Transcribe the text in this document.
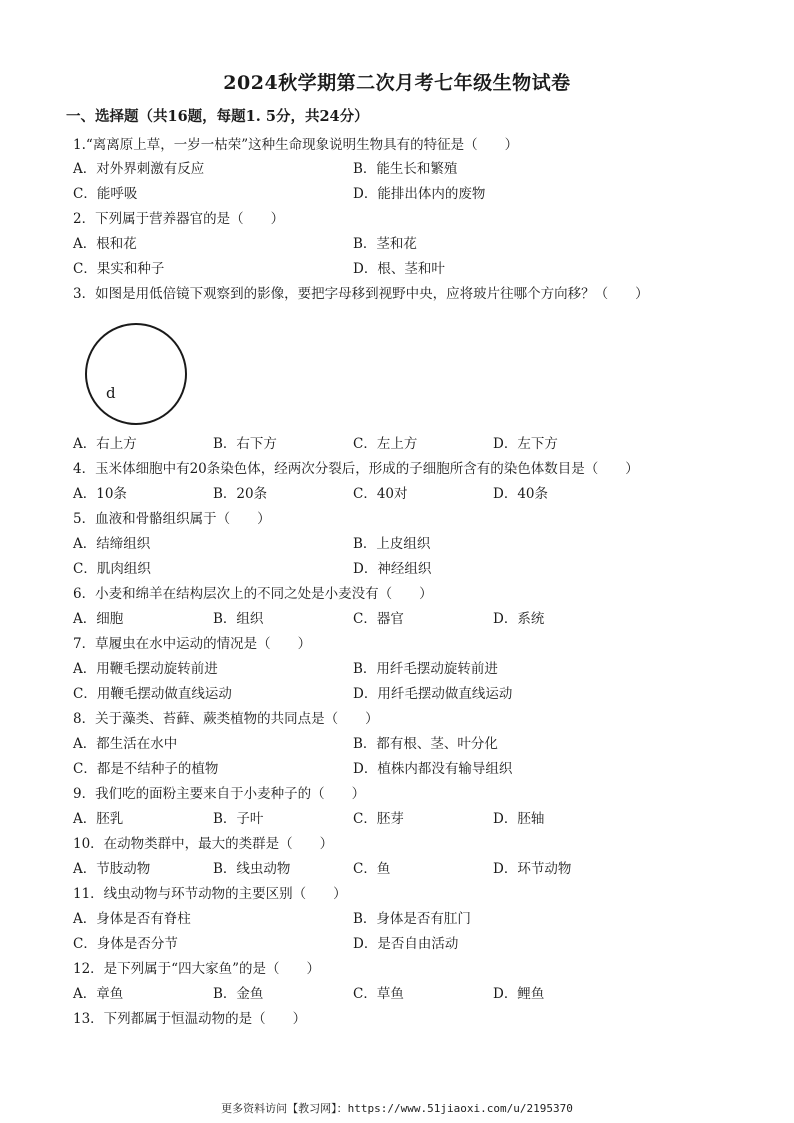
2024秋学期第二次月考七年级生物试卷
一、选择题（共16题，每题1. 5分，共24分）
1.“离离原上草，一岁一枯荣”这种生命现象说明生物具有的特征是（　　）
A．对外界刺激有反应	B．能生长和繁殖
C．能呼吸	D．能排出体内的废物
2．下列属于营养器官的是（　　）
A．根和花	B．茎和花
C．果实和种子	D．根、茎和叶
3．如图是用低倍镜下观察到的影像，要把字母移到视野中央，应将玻片往哪个方向移？（　　）
d
A．右上方	B．右下方	C．左上方	D．左下方
4．玉米体细胞中有20条染色体，经两次分裂后，形成的子细胞所含有的染色体数目是（　　）
A．10条	B．20条	C．40对	D．40条
5．血液和骨骼组织属于（　　）
A．结缔组织	B．上皮组织
C．肌肉组织	D．神经组织
6．小麦和绵羊在结构层次上的不同之处是小麦没有（　　）
A．细胞	B．组织	C．器官	D．系统
7．草履虫在水中运动的情况是（　　）
A．用鞭毛摆动旋转前进	B．用纤毛摆动旋转前进
C．用鞭毛摆动做直线运动	D．用纤毛摆动做直线运动
8．关于藻类、苔藓、蕨类植物的共同点是（　　）
A．都生活在水中	B．都有根、茎、叶分化
C．都是不结种子的植物	D．植株内都没有输导组织
9．我们吃的面粉主要来自于小麦种子的（　　）
A．胚乳	B．子叶	C．胚芽	D．胚轴
10．在动物类群中，最大的类群是（　　）
A．节肢动物	B．线虫动物	C．鱼	D．环节动物
11．线虫动物与环节动物的主要区别（　　）
A．身体是否有脊柱	B．身体是否有肛门
C．身体是否分节	D．是否自由活动
12．是下列属于“四大家鱼”的是（　　）
A．章鱼	B．金鱼	C．草鱼	D．鲤鱼
13．下列都属于恒温动物的是（　　）
更多资料访问【教习网】：https://www.51jiaoxi.com/u/2195370
